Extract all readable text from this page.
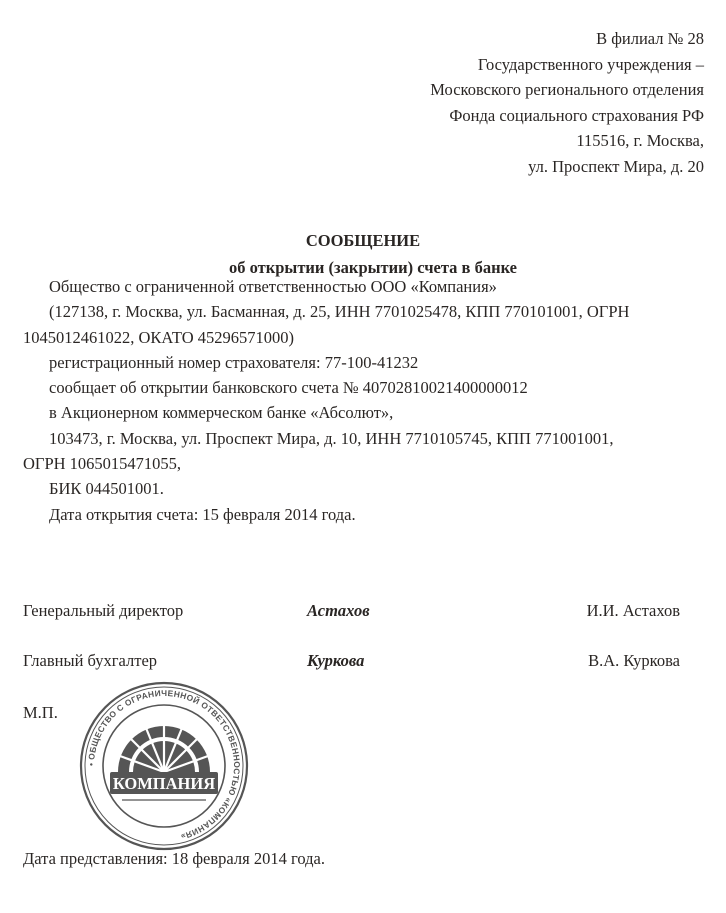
В филиал № 28
Государственного учреждения –
Московского регионального отделения
Фонда социального страхования РФ
115516, г. Москва,
ул. Проспект Мира, д. 20
СООБЩЕНИЕ
об открытии (закрытии) счета в банке
Общество с ограниченной ответственностью ООО «Компания»
(127138, г. Москва, ул. Басманная, д. 25, ИНН 7701025478, КПП 770101001, ОГРН
1045012461022, ОКАТО 45296571000)
регистрационный номер страхователя: 77-100-41232
сообщает об открытии банковского счета № 40702810021400000012
в Акционерном коммерческом банке «Абсолют»,
103473, г. Москва, ул. Проспект Мира, д. 10, ИНН 7710105745, КПП 771001001,
ОГРН 1065015471055,
БИК 044501001.
Дата открытия счета: 15 февраля 2014 года.
Генеральный директор	Астахов	И.И. Астахов
Главный бухгалтер	Куркова	В.А. Куркова
М.П.
• ОБЩЕСТВО С ОГРАНИЧЕННОЙ ОТВЕТСТВЕННОСТЬЮ «КОМПАНИЯ»
КОМПАНИЯ
Дата представления: 18 февраля 2014 года.
